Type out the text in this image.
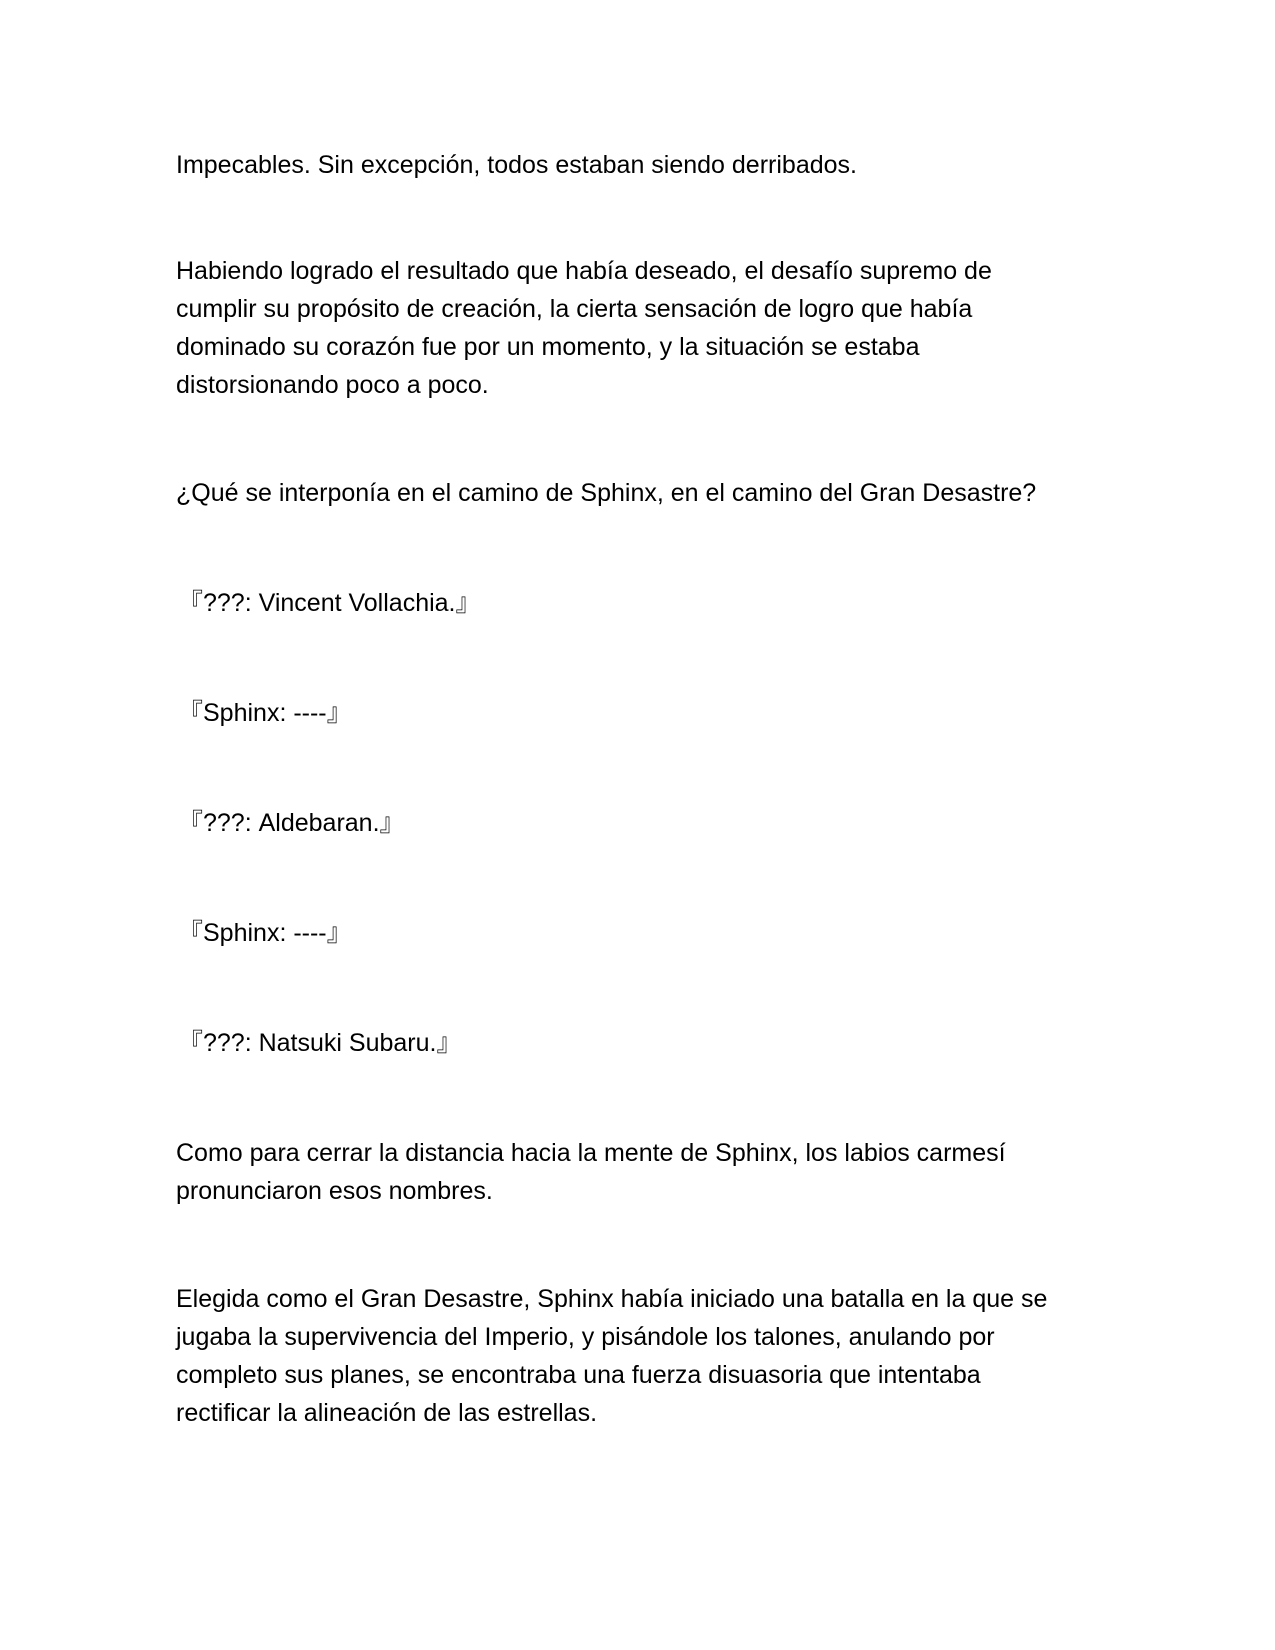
Impecables. Sin excepción, todos estaban siendo derribados.

Habiendo logrado el resultado que había deseado, el desafío supremo de

cumplir su propósito de creación, la cierta sensación de logro que había

dominado su corazón fue por un momento, y la situación se estaba

distorsionando poco a poco.

¿Qué se interponía en el camino de Sphinx, en el camino del Gran Desastre?

『???: Vincent Vollachia.』

『Sphinx: ----』

『???: Aldebaran.』

『Sphinx: ----』

『???: Natsuki Subaru.』

Como para cerrar la distancia hacia la mente de Sphinx, los labios carmesí

pronunciaron esos nombres.

Elegida como el Gran Desastre, Sphinx había iniciado una batalla en la que se

jugaba la supervivencia del Imperio, y pisándole los talones, anulando por

completo sus planes, se encontraba una fuerza disuasoria que intentaba

rectificar la alineación de las estrellas.
